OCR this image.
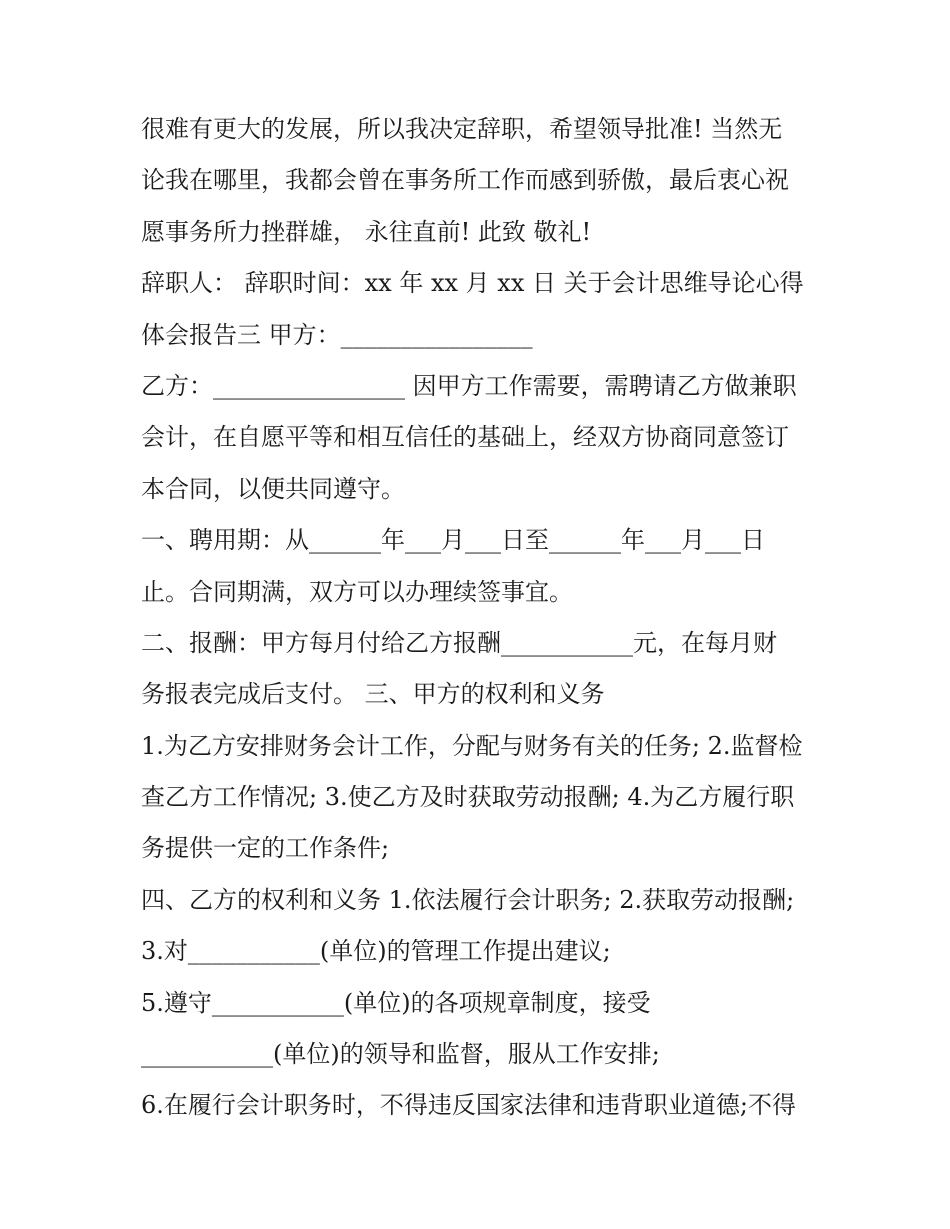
很难有更大的发展，所以我决定辞职，希望领导批准! 当然无
论我在哪里，我都会曾在事务所工作而感到骄傲，最后衷心祝
愿事务所力挫群雄， 永往直前! 此致 敬礼!
辞职人： 辞职时间：xx 年 xx 月 xx 日 关于会计思维导论心得
体会报告三 甲方：________________
乙方：________________ 因甲方工作需要，需聘请乙方做兼职
会计，在自愿平等和相互信任的基础上，经双方协商同意签订
本合同，以便共同遵守。
一、聘用期：从______年___月___日至______年___月___日
止。合同期满，双方可以办理续签事宜。
二、报酬：甲方每月付给乙方报酬___________元，在每月财
务报表完成后支付。 三、甲方的权利和义务
1.为乙方安排财务会计工作，分配与财务有关的任务; 2.监督检
查乙方工作情况; 3.使乙方及时获取劳动报酬; 4.为乙方履行职
务提供一定的工作条件;
四、乙方的权利和义务 1.依法履行会计职务; 2.获取劳动报酬;
3.对___________(单位)的管理工作提出建议;
5.遵守___________(单位)的各项规章制度，接受
___________(单位)的领导和监督，服从工作安排;
6.在履行会计职务时，不得违反国家法律和违背职业道德;不得
